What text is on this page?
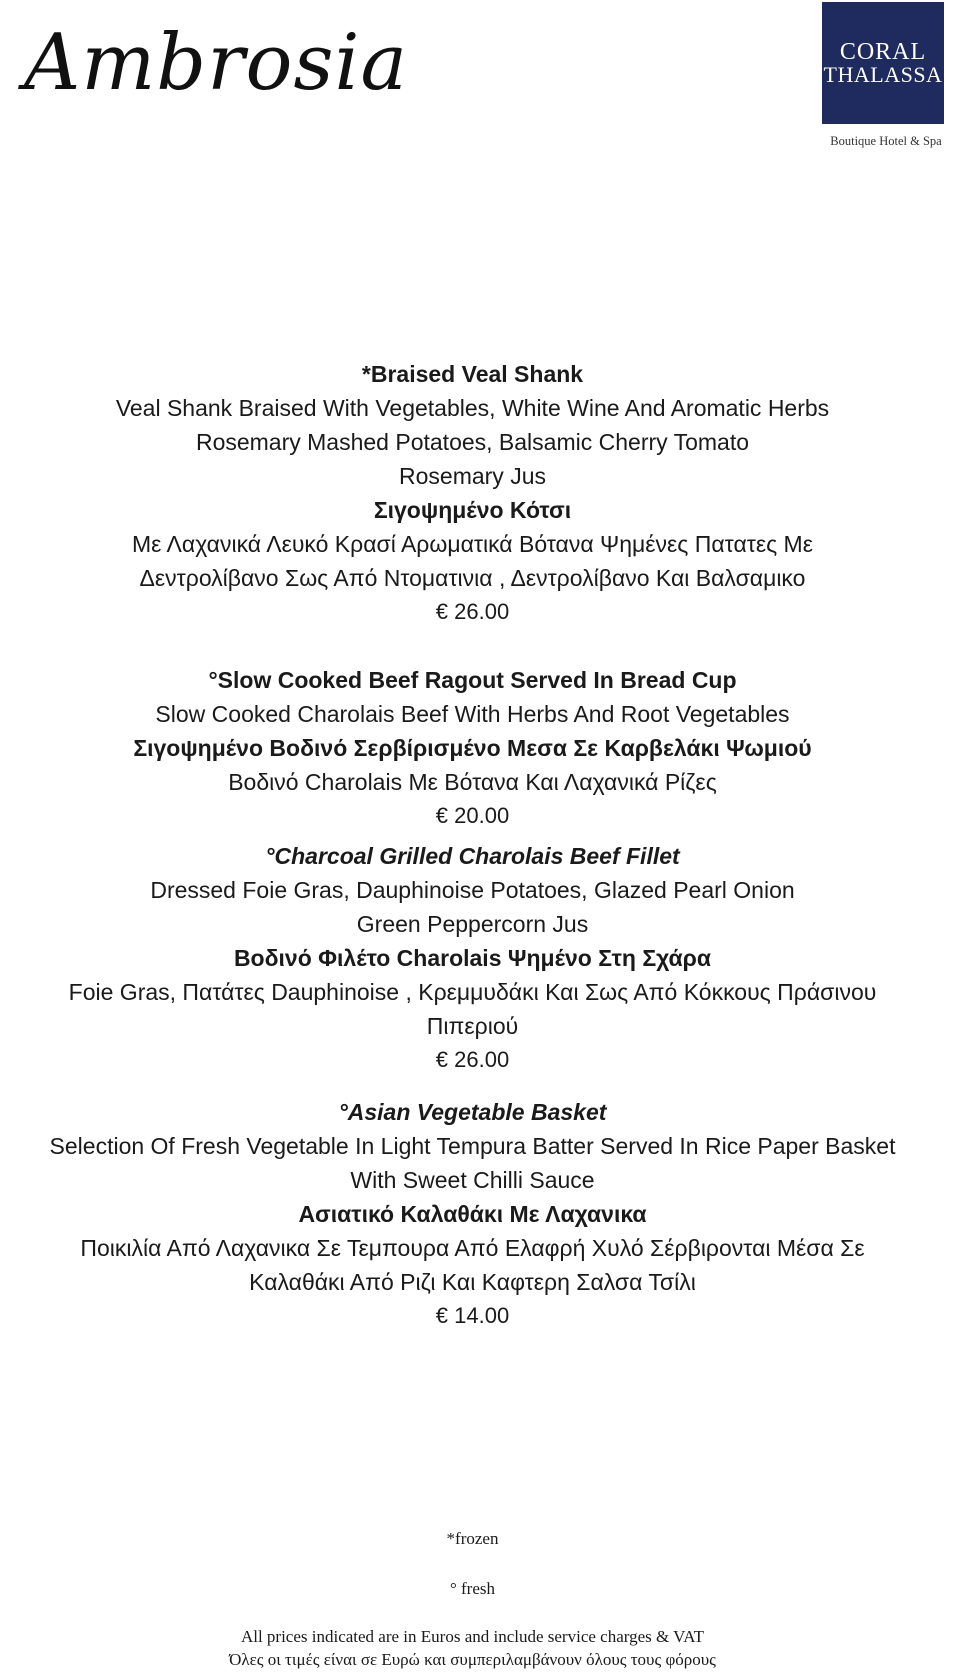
Ambrosia	CORAL
THALASSA
Boutique Hotel & Spa
*Braised Veal Shank
Veal Shank Braised With Vegetables, White Wine And Aromatic Herbs
Rosemary Mashed Potatoes, Balsamic Cherry Tomato
Rosemary Jus
Σιγοψημένο Κότσι
Με Λαχανικά Λευκό Κρασί Αρωματικά Βότανα Ψημένες Πατατες Με
Δεντρολίβανο Σως Από Ντοματινια , Δεντρολίβανο Και Βαλσαμικο
€ 26.00
°Slow Cooked Beef Ragout Served In Bread Cup
Slow Cooked Charolais Beef With Herbs And Root Vegetables
Σιγοψημένο Βοδινό Σερβίρισμένο Μεσα Σε Καρβελάκι Ψωμιού
Βοδινό Charolais Με Βότανα Και Λαχανικά Ρίζες
€ 20.00
°Charcoal Grilled Charolais Beef Fillet
Dressed Foie Gras, Dauphinoise Potatoes, Glazed Pearl Onion
Green Peppercorn Jus
Βοδινό Φιλέτο Charolais Ψημένο Στη Σχάρα
Foie Gras, Πατάτες Dauphinoise , Κρεμμυδάκι Και Σως Από Κόκκους Πράσινου
Πιπεριού
€ 26.00
°Asian Vegetable Basket
Selection Of Fresh Vegetable In Light Tempura Batter Served In Rice Paper Basket
With Sweet Chilli Sauce
Ασιατικό Καλαθάκι Με Λαχανικα
Ποικιλία Από Λαχανικα Σε Τεμπουρα Από Ελαφρή Χυλό Σέρβιρονται Μέσα Σε
Καλαθάκι Από Ριζι Και Καφτερη Σαλσα Τσίλι
€ 14.00
*frozen
° fresh
All prices indicated are in Euros and include service charges & VAT
Όλες οι τιμές είναι σε Ευρώ και συμπεριλαμβάνουν όλους τους φόρους
